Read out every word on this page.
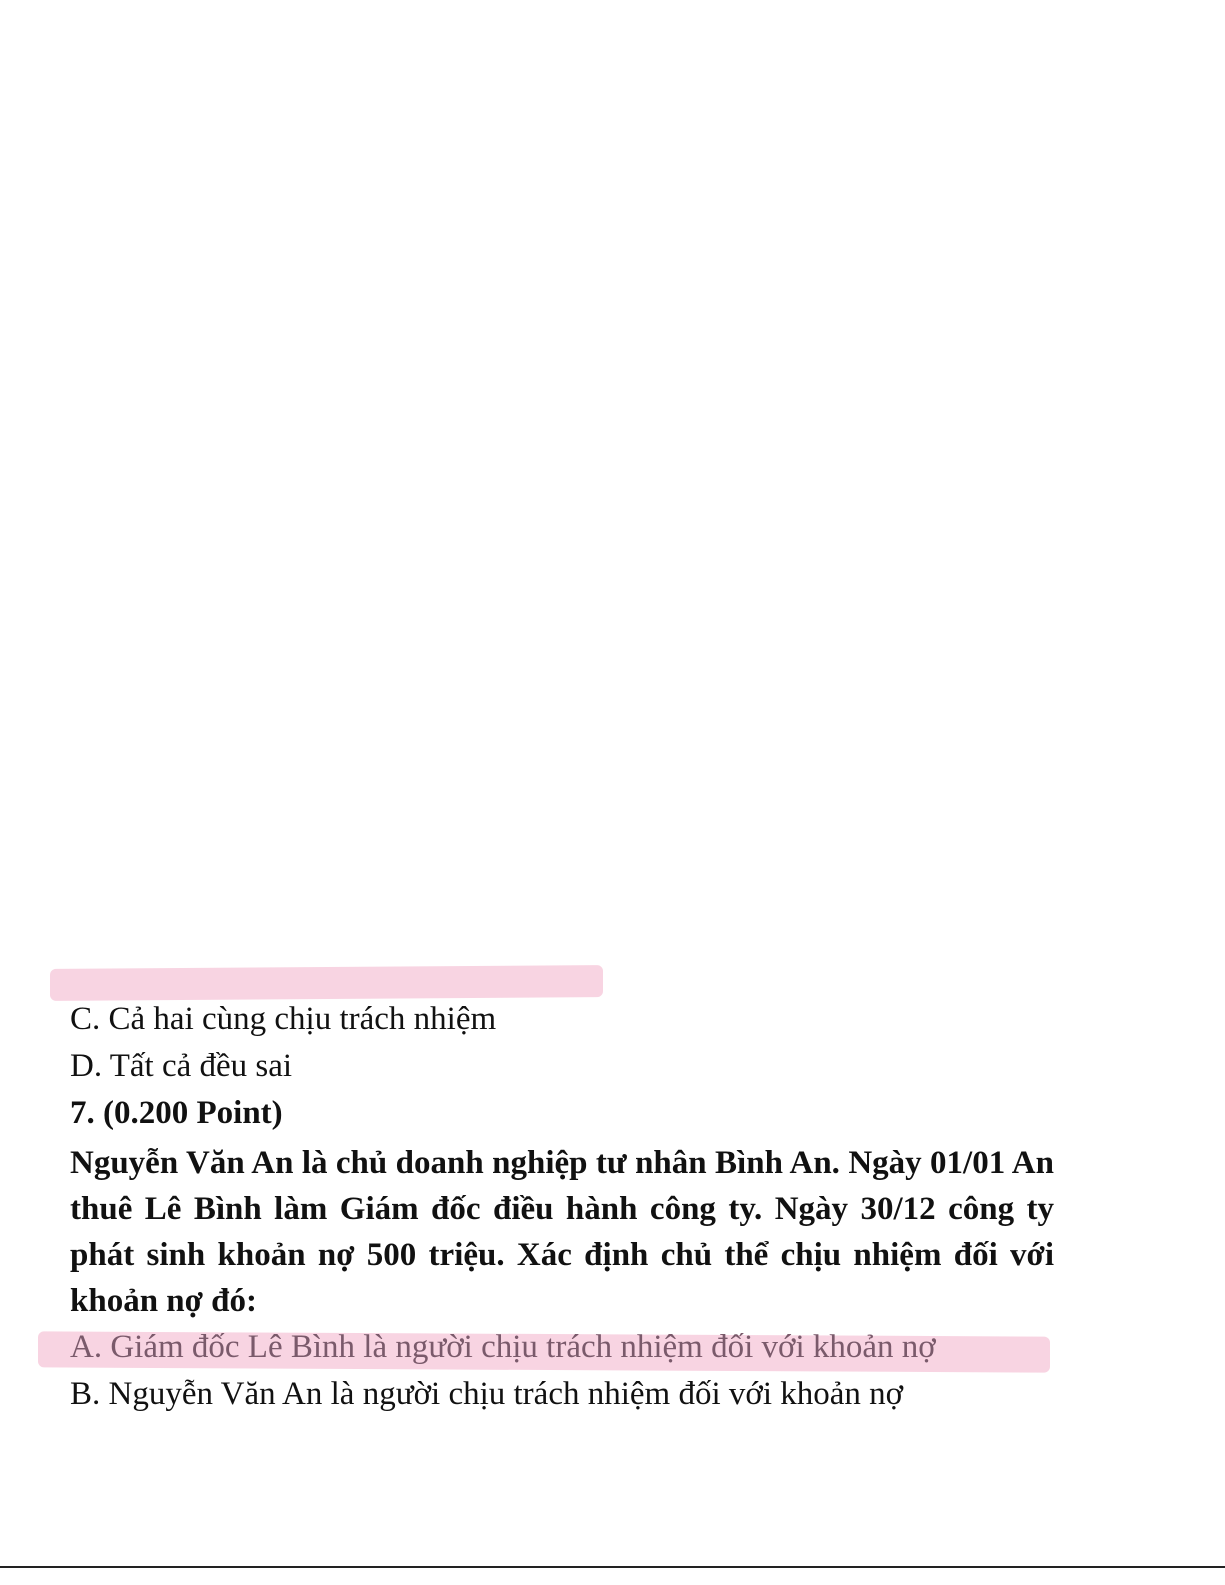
C. Cả hai cùng chịu trách nhiệm
D. Tất cả đều sai
7. (0.200 Point)
Nguyễn Văn An là chủ doanh nghiệp tư nhân Bình An. Ngày 01/01 An thuê Lê Bình làm Giám đốc điều hành công ty. Ngày 30/12 công ty phát sinh khoản nợ 500 triệu. Xác định chủ thể chịu nhiệm đối với khoản nợ đó:
A. Giám đốc Lê Bình là người chịu trách nhiệm đối với khoản nợ
B. Nguyễn Văn An là người chịu trách nhiệm đối với khoản nợ
